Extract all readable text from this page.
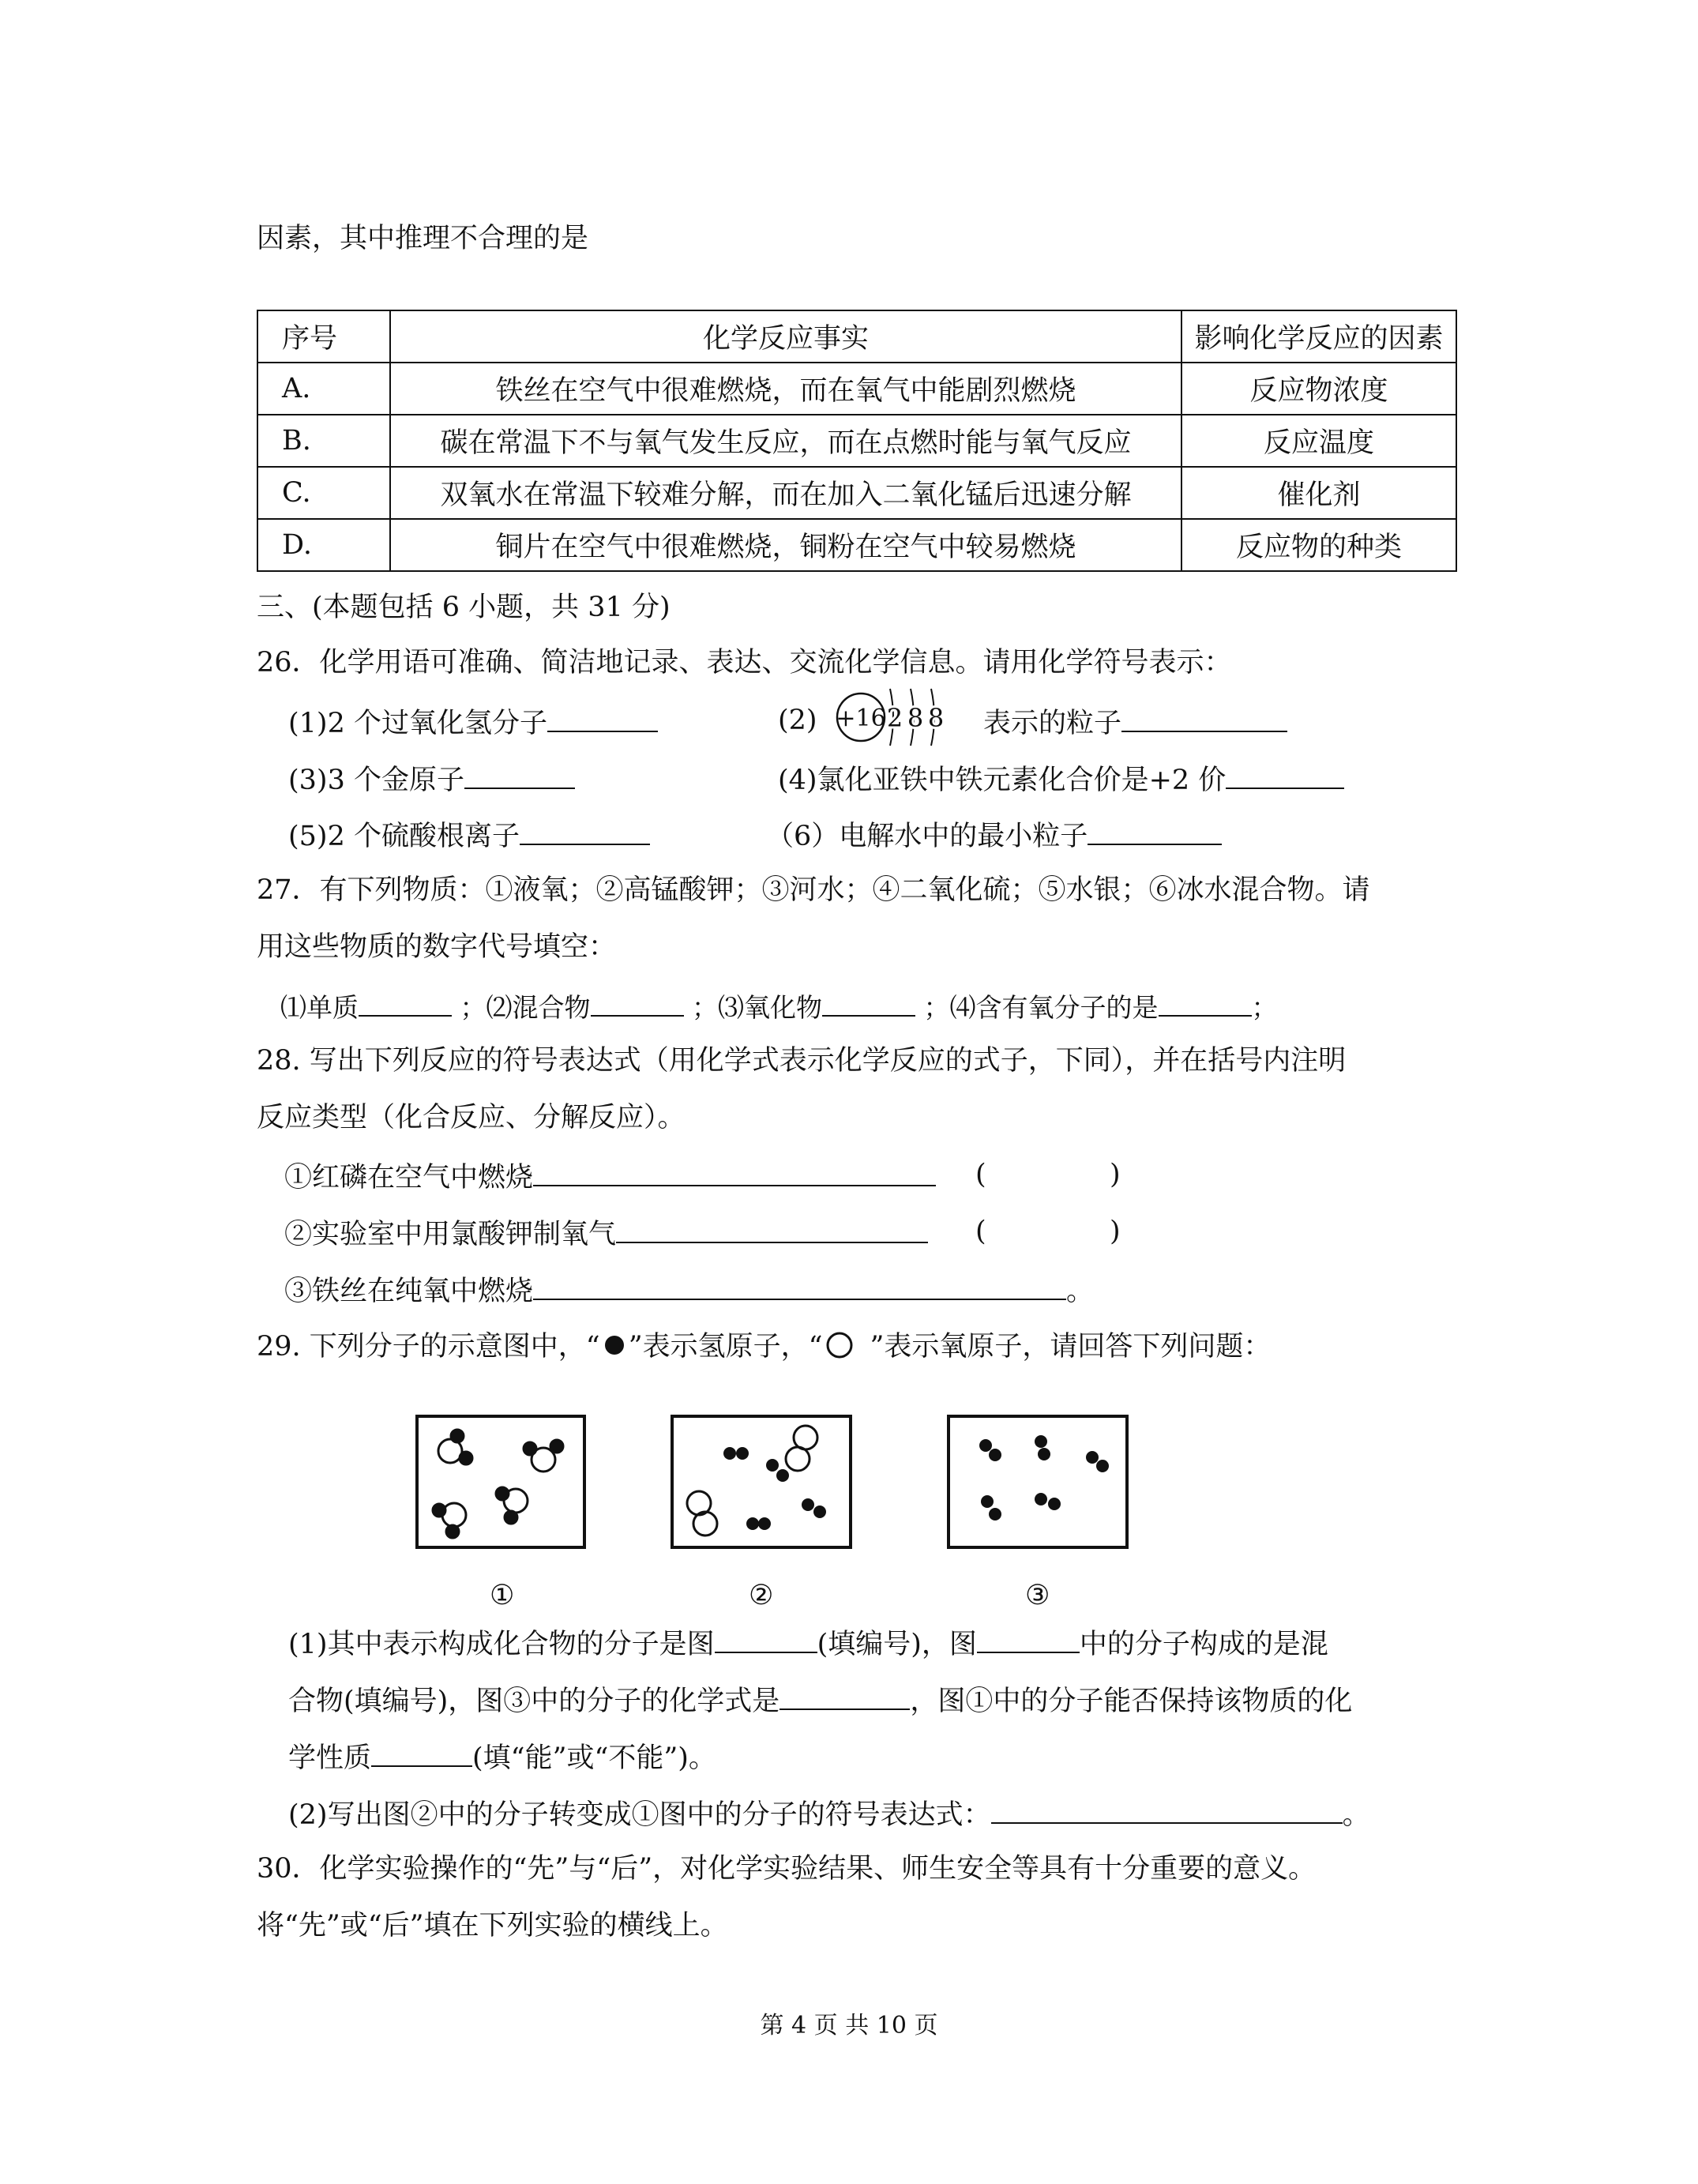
因素，其中推理不合理的是
序号	化学反应事实	影响化学反应的因素
A.	铁丝在空气中很难燃烧，而在氧气中能剧烈燃烧	反应物浓度
B.	碳在常温下不与氧气发生反应，而在点燃时能与氧气反应	反应温度
C.	双氧水在常温下较难分解，而在加入二氧化锰后迅速分解	催化剂
D.	铜片在空气中很难燃烧，铜粉在空气中较易燃烧	反应物的种类
三、(本题包括 6 小题，共 31 分)
26．化学用语可准确、简洁地记录、表达、交流化学信息。请用化学符号表示：
(1)2 个过氧化氢分子	(2) +16 2 8 8 表示的粒子
(3)3 个金原子	(4)氯化亚铁中铁元素化合价是+2 价
(5)2 个硫酸根离子	（6）电解水中的最小粒子
27．有下列物质：①液氧；②高锰酸钾；③河水；④二氧化硫；⑤水银；⑥冰水混合物。请
用这些物质的数字代号填空：
⑴单质	；⑵混合物	；⑶氧化物	；⑷含有氧分子的是	；
28. 写出下列反应的符号表达式（用化学式表示化学反应的式子，下同），并在括号内注明
反应类型（化合反应、分解反应）。
①红磷在空气中燃烧	(	)
②实验室中用氯酸钾制氧气	(	)
③铁丝在纯氧中燃烧	。
29. 下列分子的示意图中，“ ”表示氢原子，“ ”表示氧原子，请回答下列问题：
①	②	③
(1)其中表示构成化合物的分子是图	(填编号)，图	中的分子构成的是混
合物(填编号)，图③中的分子的化学式是	，图①中的分子能否保持该物质的化
学性质	(填“能”或“不能”)。
(2)写出图②中的分子转变成①图中的分子的符号表达式：	。
30．化学实验操作的“先”与“后”，对化学实验结果、师生安全等具有十分重要的意义。
将“先”或“后”填在下列实验的横线上。
第 4 页 共 10 页
